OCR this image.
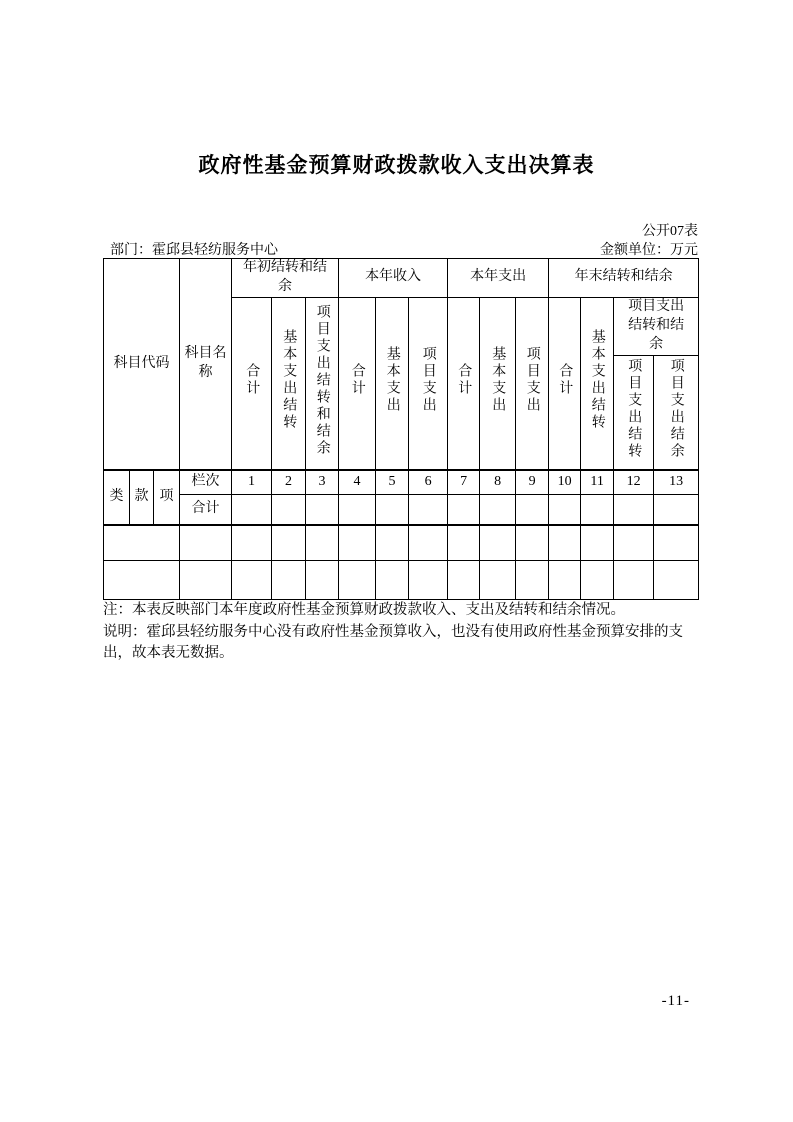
政府性基金预算财政拨款收入支出决算表
公开07表
部门：霍邱县轻纺服务中心	金额单位：万元
科目代码			科目名称	年初结转和结余			本年收入			本年支出			年末结转和结余			
				合计	基本支出结转	项目支出结转和结余	合计	基本支出	项目支出	合计	基本支出	项目支出	合计	基本支出结转	项目支出结转和结余	
															项目支出结转	项目支出结余
类	款	项	栏次	1	2	3	4	5	6	7	8	9	10	11	12	13
			合计													

注：本表反映部门本年度政府性基金预算财政拨款收入、支出及结转和结余情况。
说明：霍邱县轻纺服务中心没有政府性基金预算收入，也没有使用政府性基金预算安排的支出，故本表无数据。
-11-
